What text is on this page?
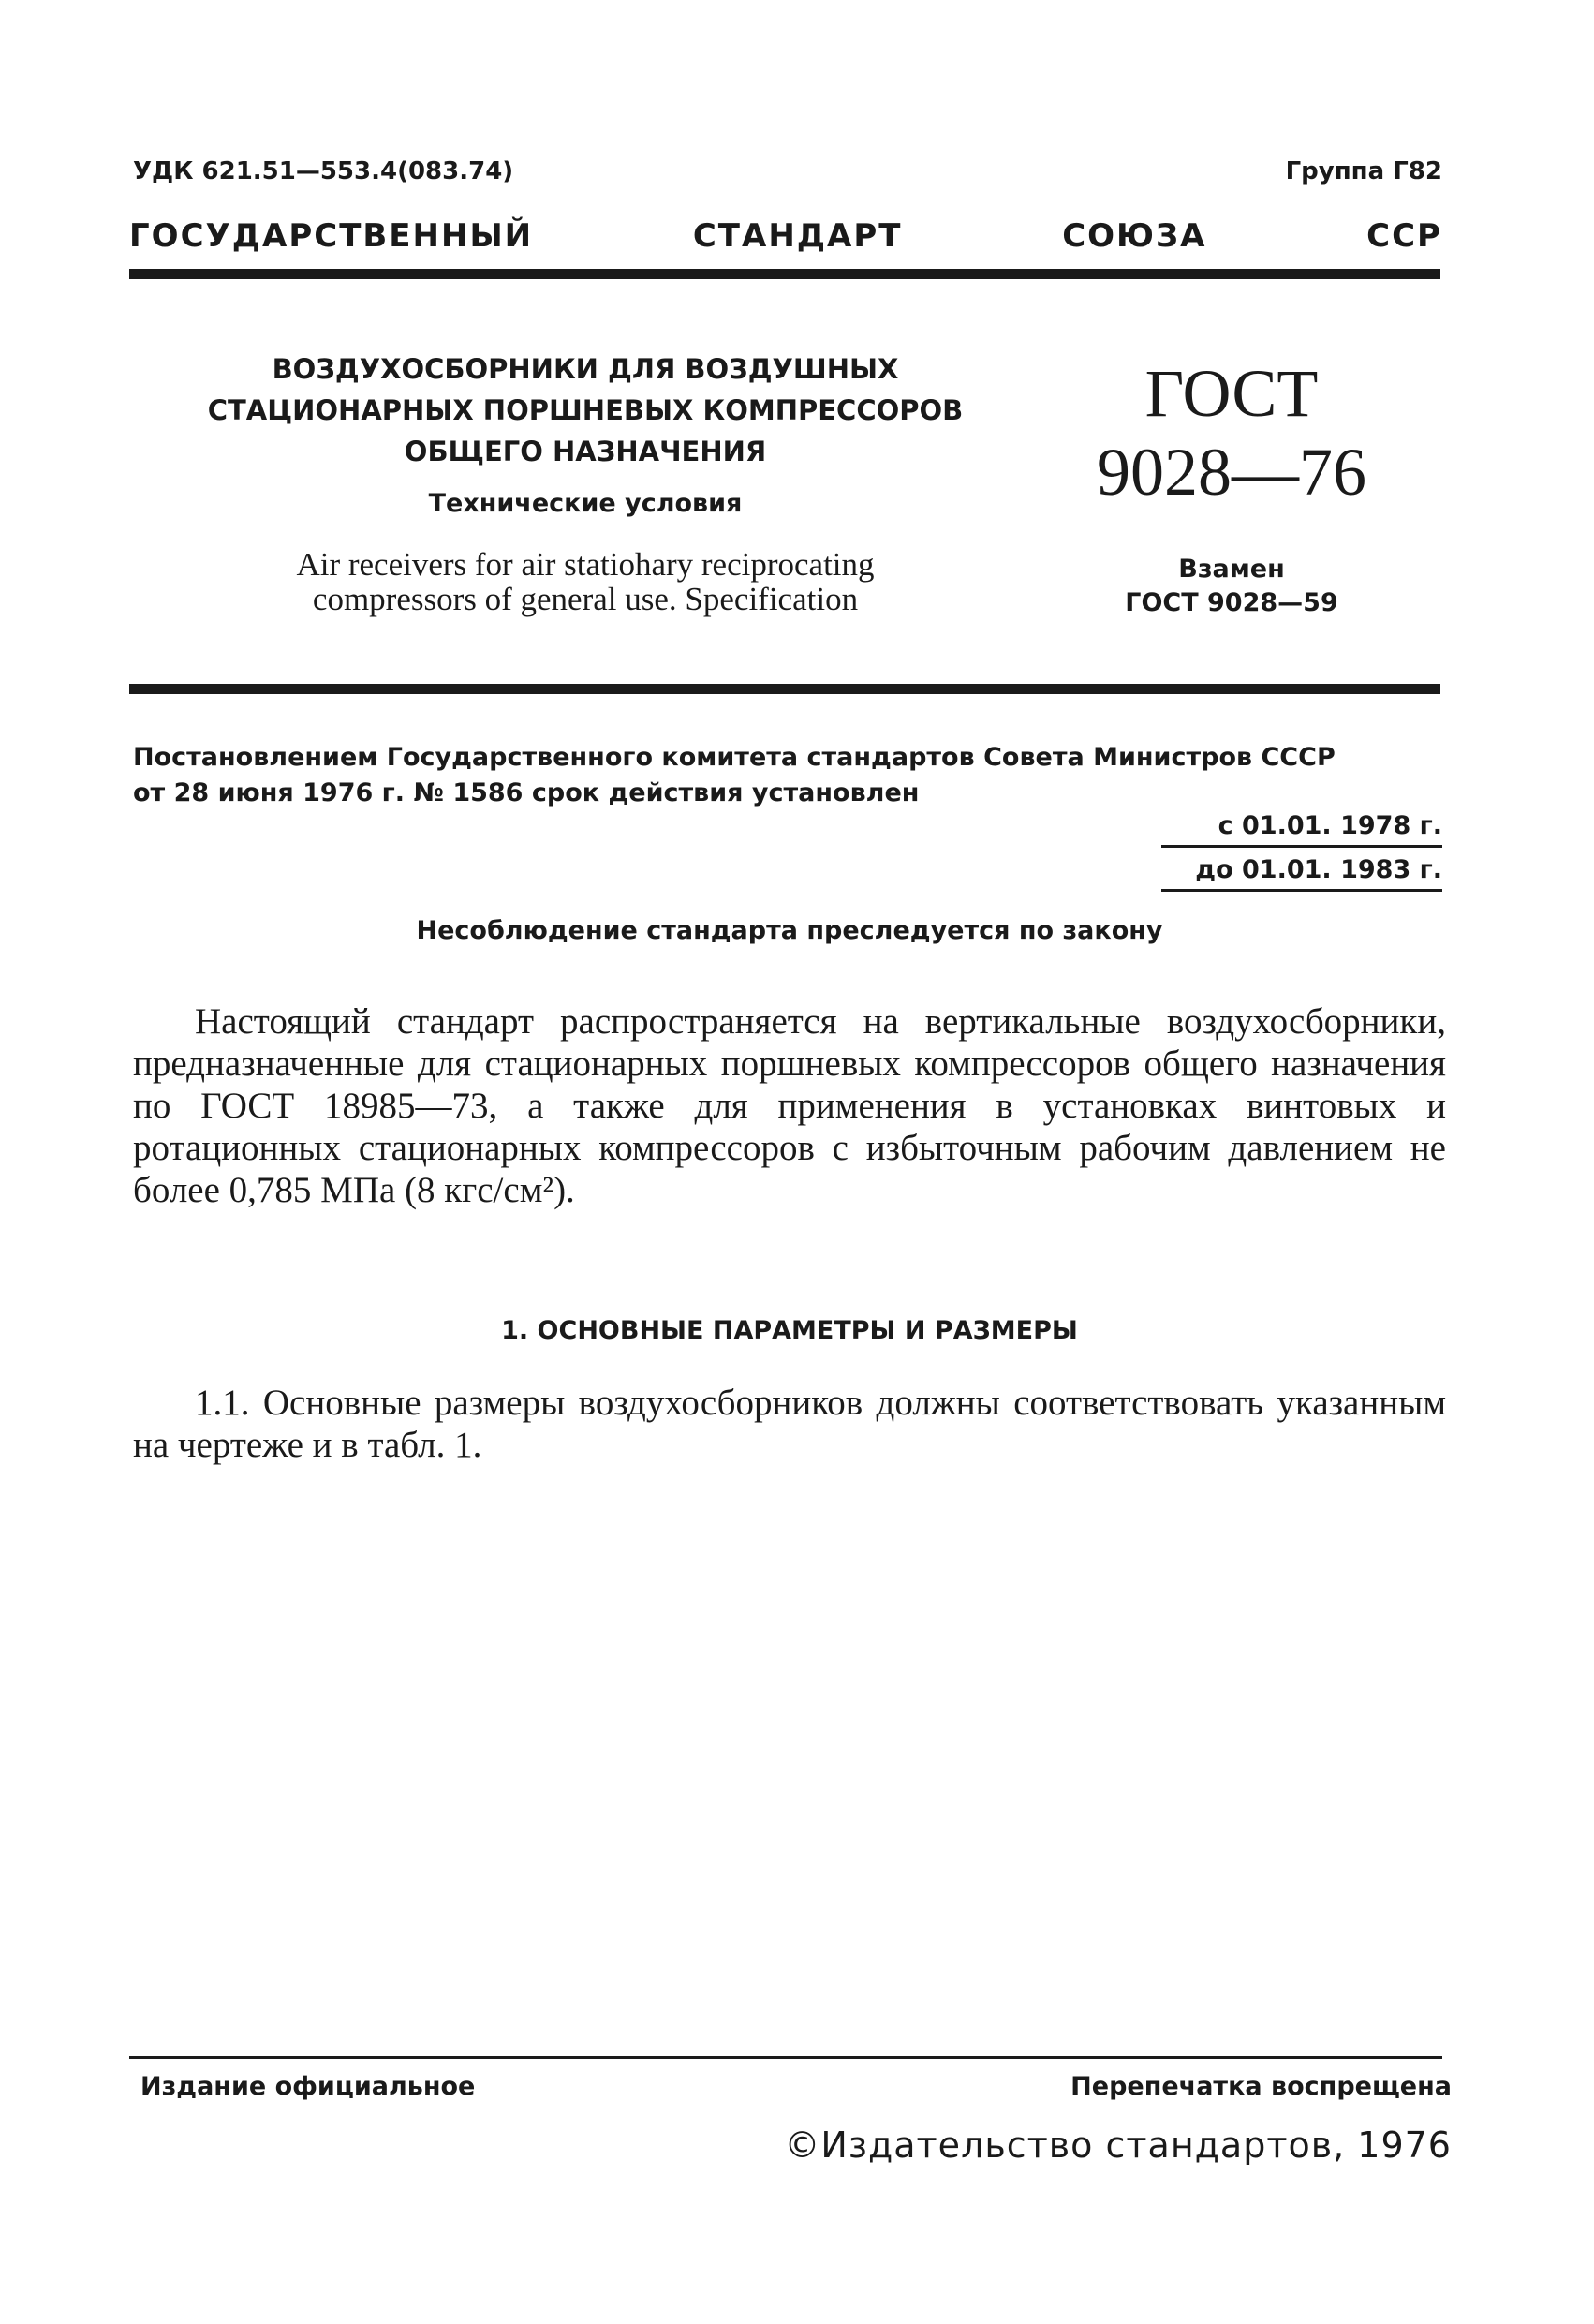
УДК 621.51—553.4(083.74)	Группа Г82
ГОСУДАРСТВЕННЫЙ	СТАНДАРТ	СОЮЗА	ССР
ВОЗДУХОСБОРНИКИ ДЛЯ ВОЗДУШНЫХ
СТАЦИОНАРНЫХ ПОРШНЕВЫХ КОМПРЕССОРОВ
ОБЩЕГО НАЗНАЧЕНИЯ
Технические условия
Air receivers for air statiohary reciprocating
compressors of general use. Specification
ГОСТ
9028—76
Взамен
ГОСТ 9028—59
Постановлением Государственного комитета стандартов Совета Министров СССР
от 28 июня 1976 г. № 1586 срок действия установлен
с 01.01. 1978 г.
до 01.01. 1983 г.
Несоблюдение стандарта преследуется по закону
Настоящий стандарт распространяется на вертикальные воздухосборники, предназначенные для стационарных поршневых компрессоров общего назначения по ГОСТ 18985—73, а также для применения в установках винтовых и ротационных стационарных компрессоров с избыточным рабочим давлением не более 0,785 МПа (8 кгс/см²).
1. ОСНОВНЫЕ ПАРАМЕТРЫ И РАЗМЕРЫ
1.1. Основные размеры воздухосборников должны соответствовать указанным на чертеже и в табл. 1.
Издание официальное	Перепечатка воспрещена
©Издательство стандартов, 1976
